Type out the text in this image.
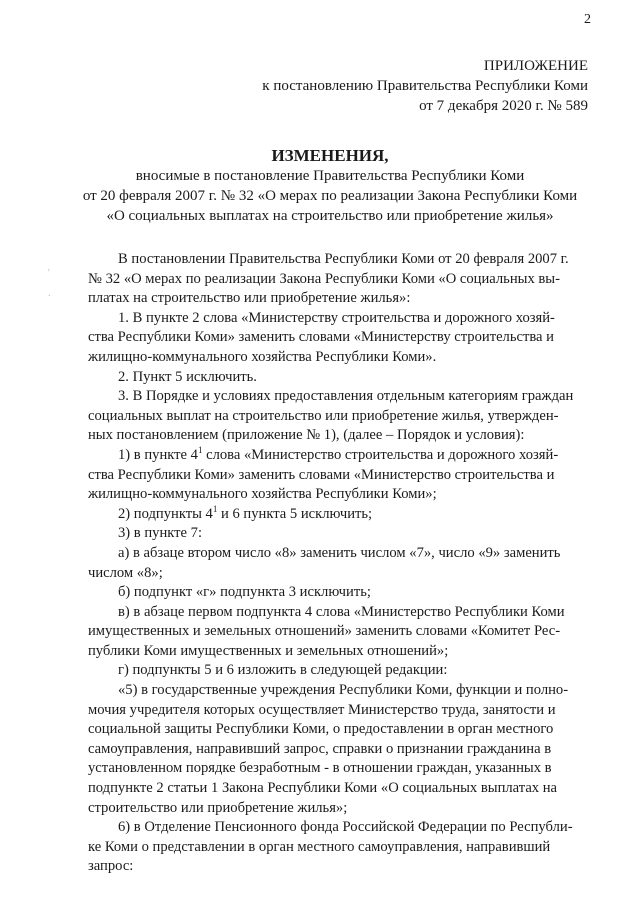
2
ПРИЛОЖЕНИЕ
к постановлению Правительства Республики Коми
от 7 декабря 2020 г. № 589
ИЗМЕНЕНИЯ,
вносимые в постановление Правительства Республики Коми
от 20 февраля 2007 г. № 32 «О мерах по реализации Закона Республики Коми
«О социальных выплатах на строительство или приобретение жилья»
'
.
В постановлении Правительства Республики Коми от 20 февраля 2007 г.
№ 32 «О мерах по реализации Закона Республики Коми «О социальных вы-
платах на строительство или приобретение жилья»:
1. В пункте 2 слова «Министерству строительства и дорожного хозяй-
ства Республики Коми» заменить словами «Министерству строительства и
жилищно-коммунального хозяйства Республики Коми».
2. Пункт 5 исключить.
3. В Порядке и условиях предоставления отдельным категориям граждан
социальных выплат на строительство или приобретение жилья, утвержден-
ных постановлением (приложение № 1), (далее – Порядок и условия):
1) в пункте $4^1$ слова «Министерство строительства и дорожного хозяй-
ства Республики Коми» заменить словами «Министерство строительства и
жилищно-коммунального хозяйства Республики Коми»;
2) подпункты $4^1$ и 6 пункта 5 исключить;
3) в пункте 7:
а) в абзаце втором число «8» заменить числом «7», число «9» заменить
числом «8»;
б) подпункт «г» подпункта 3 исключить;
в) в абзаце первом подпункта 4 слова «Министерство Республики Коми
имущественных и земельных отношений» заменить словами «Комитет Рес-
публики Коми имущественных и земельных отношений»;
г) подпункты 5 и 6 изложить в следующей редакции:
«5) в государственные учреждения Республики Коми, функции и полно-
мочия учредителя которых осуществляет Министерство труда, занятости и
социальной защиты Республики Коми, о предоставлении в орган местного
самоуправления, направивший запрос, справки о признании гражданина в
установленном порядке безработным - в отношении граждан, указанных в
подпункте 2 статьи 1 Закона Республики Коми «О социальных выплатах на
строительство или приобретение жилья»;
6) в Отделение Пенсионного фонда Российской Федерации по Республи-
ке Коми о представлении в орган местного самоуправления, направивший
запрос:
